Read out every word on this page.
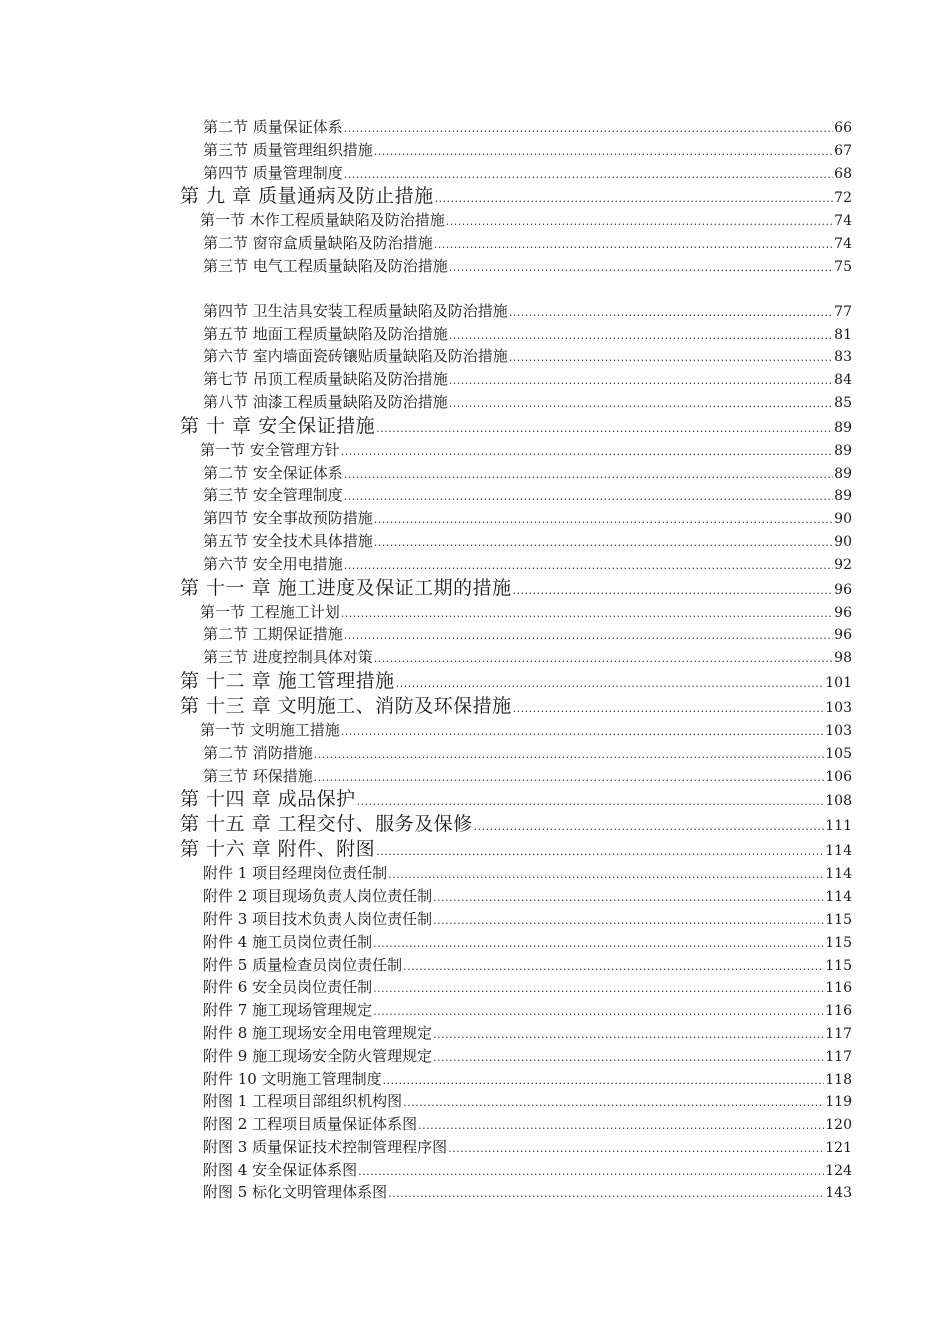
第二节 质量保证体系 .....	66
第三节 质量管理组织措施 .....	67
第四节 质量管理制度 .....	68
第 九 章 质量通病及防止措施 .....	72
第一节 木作工程质量缺陷及防治措施 .....	74
第二节 窗帘盒质量缺陷及防治措施 .....	74
第三节 电气工程质量缺陷及防治措施 .....	75
第四节 卫生洁具安装工程质量缺陷及防治措施 .....	77
第五节 地面工程质量缺陷及防治措施 .....	81
第六节 室内墙面瓷砖镶贴质量缺陷及防治措施 .....	83
第七节 吊顶工程质量缺陷及防治措施 .....	84
第八节 油漆工程质量缺陷及防治措施 .....	85
第 十 章 安全保证措施 .....	89
第一节 安全管理方针 .....	89
第二节 安全保证体系 .....	89
第三节 安全管理制度 .....	89
第四节 安全事故预防措施 .....	90
第五节 安全技术具体措施 .....	90
第六节 安全用电措施 .....	92
第 十一 章 施工进度及保证工期的措施 .....	96
第一节 工程施工计划 .....	96
第二节 工期保证措施 .....	96
第三节 进度控制具体对策 .....	98
第 十二 章 施工管理措施 .....	101
第 十三 章 文明施工、消防及环保措施 .....	103
第一节 文明施工措施 .....	103
第二节 消防措施 .....	105
第三节 环保措施 .....	106
第 十四 章 成品保护 .....	108
第 十五 章 工程交付、服务及保修 .....	111
第 十六 章 附件、附图 .....	114
附件 1 项目经理岗位责任制 .....	114
附件 2 项目现场负责人岗位责任制 .....	114
附件 3 项目技术负责人岗位责任制 .....	115
附件 4 施工员岗位责任制 .....	115
附件 5 质量检查员岗位责任制 .....	115
附件 6 安全员岗位责任制 .....	116
附件 7 施工现场管理规定 .....	116
附件 8 施工现场安全用电管理规定 .....	117
附件 9 施工现场安全防火管理规定 .....	117
附件 10 文明施工管理制度 .....	118
附图 1 工程项目部组织机构图 .....	119
附图 2 工程项目质量保证体系图 .....	120
附图 3 质量保证技术控制管理程序图 .....	121
附图 4 安全保证体系图 .....	124
附图 5 标化文明管理体系图 .....	143
